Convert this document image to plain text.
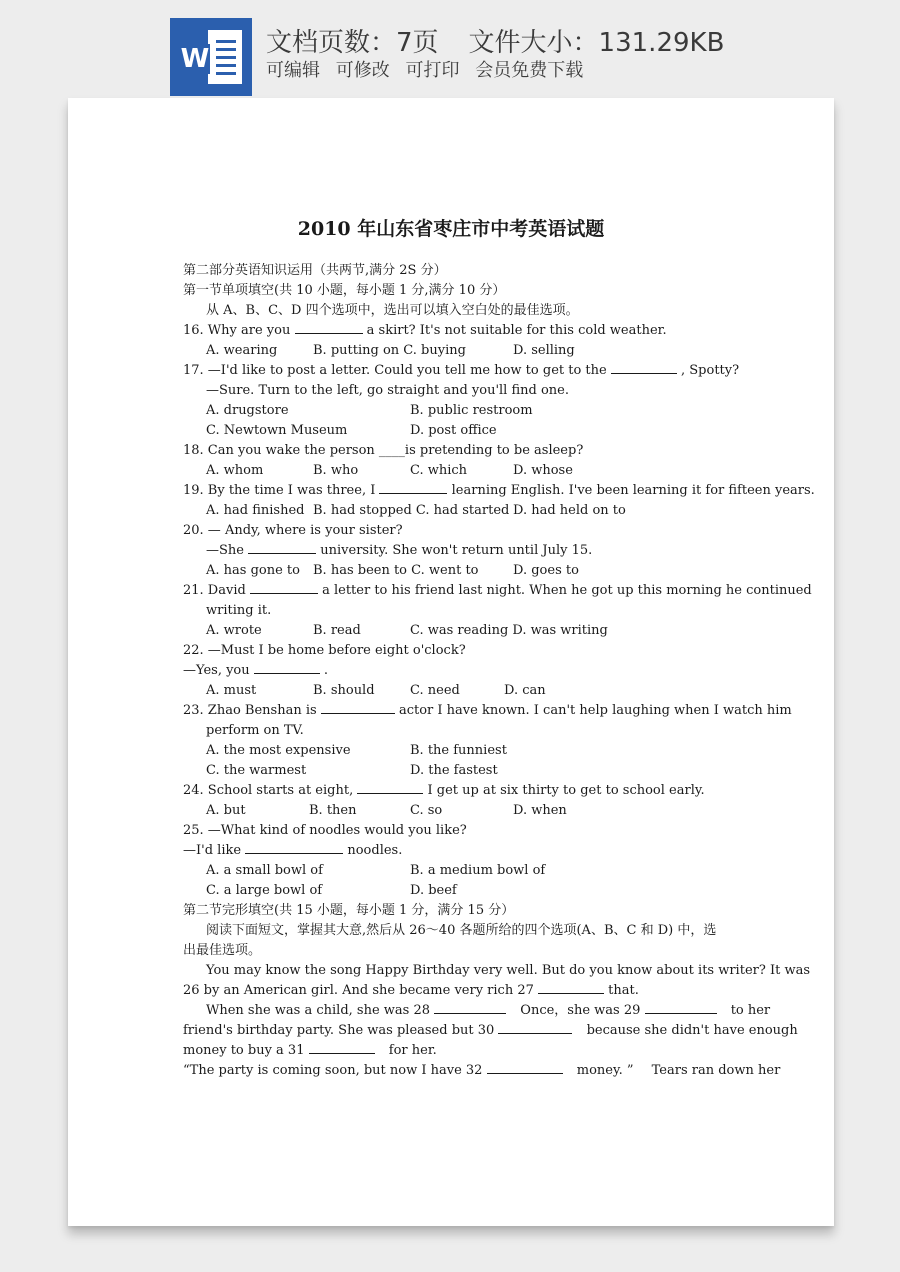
W
文档页数：7页 文件大小：131.29KB
可编辑 可修改 可打印 会员免费下载
2010 年山东省枣庄市中考英语试题
第二部分英语知识运用（共两节,满分 2S 分）
第一节单项填空(共 10 小题，每小题 1 分,满分 10 分）
从 A、B、C、D 四个选项中，选出可以填入空白处的最佳选项。
16. Why are you	a skirt? It's not suitable for this cold weather.
A. wearing	B. putting on C. buying	D. selling
17. —I'd like to post a letter. Could you tell me how to get to the	, Spotty?
—Sure. Turn to the left, go straight and you'll find one.
A. drugstore	B. public restroom
C. Newtown Museum	D. post office
18. Can you wake the person ____is pretending to be asleep?
A. whom	B. who	C. which	D. whose
19. By the time I was three, I	learning English. I've been learning it for fifteen years.
A. had finished B. had stopped C. had started D. had held on to
20. — Andy, where is your sister?
—She	university. She won't return until July 15.
A. has gone to B. has been to C. went to	D. goes to
21. David	a letter to his friend last night. When he got up this morning he continued
writing it.
A. wrote	B. read	C. was reading D. was writing
22. —Must I be home before eight o'clock?
—Yes, you	.
A. must	B. should	C. need	D. can
23. Zhao Benshan is	actor I have known. I can't help laughing when I watch him
perform on TV.
A. the most expensive	B. the funniest
C. the warmest	D. the fastest
24. School starts at eight,	I get up at six thirty to get to school early.
A. but	B. then	C. so	D. when
25. —What kind of noodles would you like?
—I'd like	noodles.
A. a small bowl of	B. a medium bowl of
C. a large bowl of	D. beef
第二节完形填空(共 15 小题，每小题 1 分，满分 15 分）
阅读下面短文，掌握其大意,然后从 26～40 各题所给的四个选项(A、B、C 和 D) 中，选
出最佳选项。
You may know the song Happy Birthday very well. But do you know about its writer? It was
26 by an American girl. And she became very rich 27	that.
When she was a child, she was 28	Once，she was 29	to her
friend's birthday party. She was pleased but 30	because she didn't have enough
money to buy a 31	for her.
“The party is coming soon, but now I have 32	money. ” Tears ran down her
